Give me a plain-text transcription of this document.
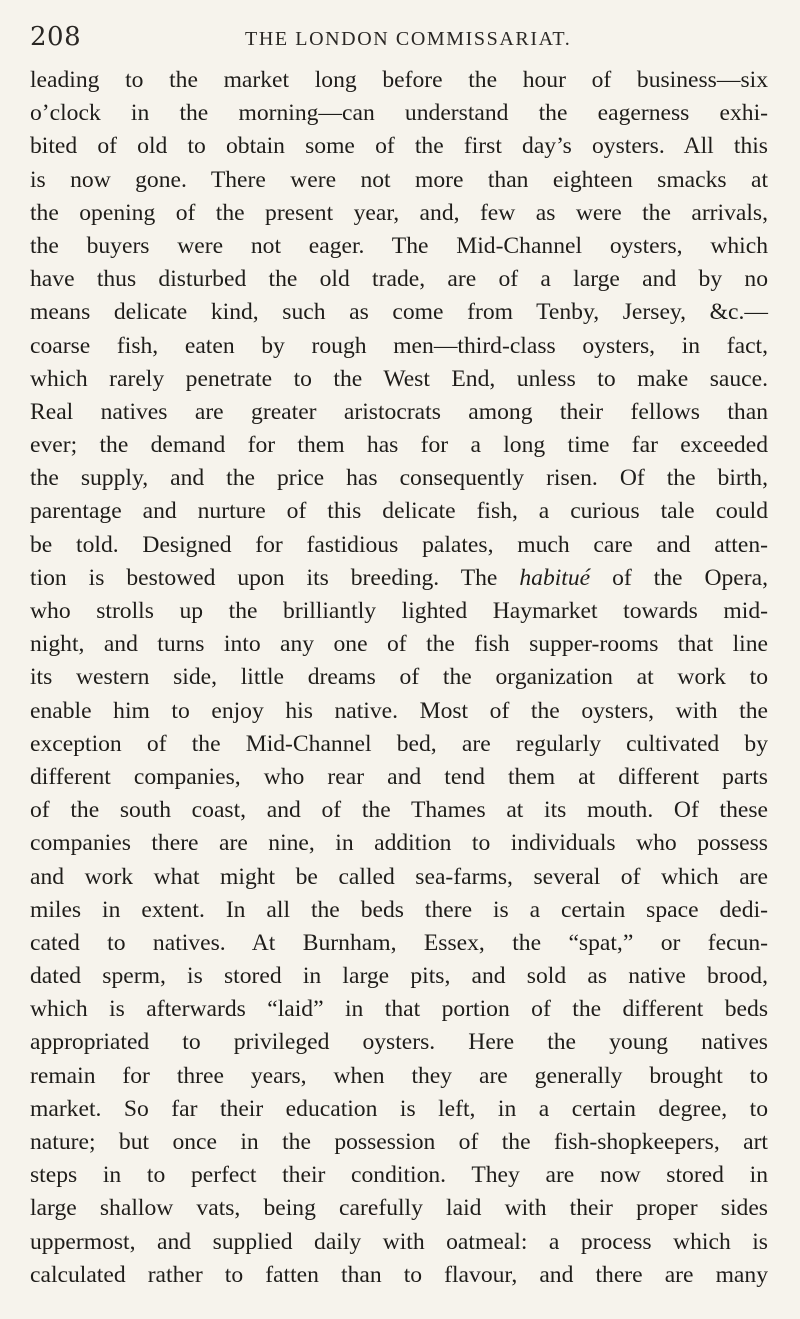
208	THE LONDON COMMISSARIAT.
leading to the market long before the hour of business—six
o’clock in the morning—can understand the eagerness exhi-
bited of old to obtain some of the first day’s oysters. All this
is now gone. There were not more than eighteen smacks at
the opening of the present year, and, few as were the arrivals,
the buyers were not eager. The Mid-Channel oysters, which
have thus disturbed the old trade, are of a large and by no
means delicate kind, such as come from Tenby, Jersey, &c.—
coarse fish, eaten by rough men—third-class oysters, in fact,
which rarely penetrate to the West End, unless to make sauce.
Real natives are greater aristocrats among their fellows than
ever; the demand for them has for a long time far exceeded
the supply, and the price has consequently risen. Of the birth,
parentage and nurture of this delicate fish, a curious tale could
be told. Designed for fastidious palates, much care and atten-
tion is bestowed upon its breeding. The habitué of the Opera,
who strolls up the brilliantly lighted Haymarket towards mid-
night, and turns into any one of the fish supper-rooms that line
its western side, little dreams of the organization at work to
enable him to enjoy his native. Most of the oysters, with the
exception of the Mid-Channel bed, are regularly cultivated by
different companies, who rear and tend them at different parts
of the south coast, and of the Thames at its mouth. Of these
companies there are nine, in addition to individuals who possess
and work what might be called sea-farms, several of which are
miles in extent. In all the beds there is a certain space dedi-
cated to natives. At Burnham, Essex, the “spat,” or fecun-
dated sperm, is stored in large pits, and sold as native brood,
which is afterwards “laid” in that portion of the different beds
appropriated to privileged oysters. Here the young natives
remain for three years, when they are generally brought to
market. So far their education is left, in a certain degree, to
nature; but once in the possession of the fish-shopkeepers, art
steps in to perfect their condition. They are now stored in
large shallow vats, being carefully laid with their proper sides
uppermost, and supplied daily with oatmeal: a process which is
calculated rather to fatten than to flavour, and there are many
